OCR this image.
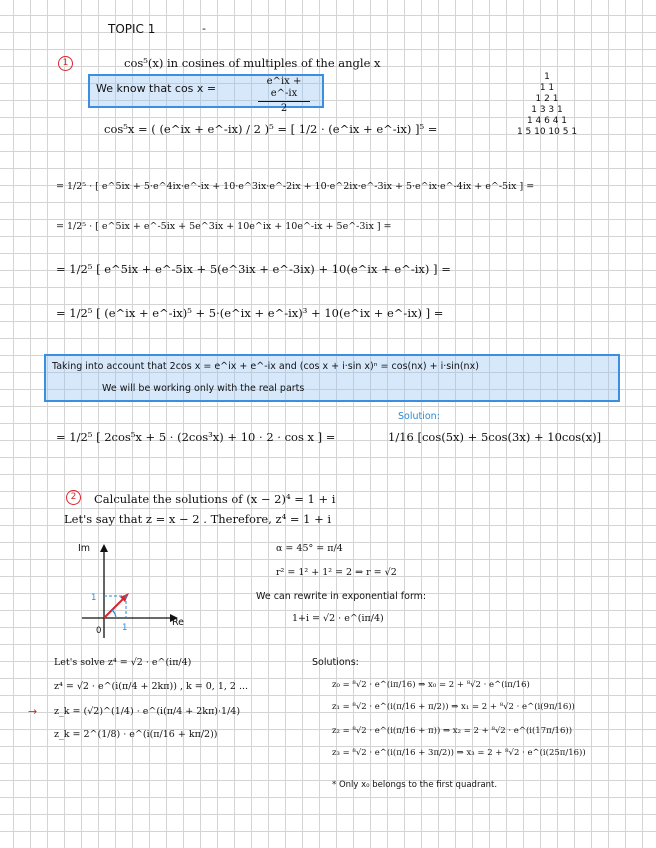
TOPIC 1	-
1	cos⁵(x) in cosines of multiples of the angle x
We know that cos x =
e^ix + e^-ix
2
1
1 1
1 2 1
1 3 3 1
1 4 6 4 1
1 5 10 10 5 1
cos⁵x = ( (e^ix + e^-ix) / 2 )⁵ = [ 1/2 · (e^ix + e^-ix) ]⁵ =
= 1/2⁵ · [ e^5ix + 5·e^4ix·e^-ix + 10·e^3ix·e^-2ix + 10·e^2ix·e^-3ix + 5·e^ix·e^-4ix + e^-5ix ] =
= 1/2⁵ · [ e^5ix + e^-5ix + 5e^3ix + 10e^ix + 10e^-ix + 5e^-3ix ] =
= 1/2⁵ [ e^5ix + e^-5ix + 5(e^3ix + e^-3ix) + 10(e^ix + e^-ix) ] =
= 1/2⁵ [ (e^ix + e^-ix)⁵ + 5·(e^ix + e^-ix)³ + 10(e^ix + e^-ix) ] =
Taking into account that 2cos x = e^ix + e^-ix and (cos x + i·sin x)ⁿ = cos(nx) + i·sin(nx)
We will be working only with the real parts
Solution:
= 1/2⁵ [ 2cos⁵x + 5 · (2cos³x) + 10 · 2 · cos x ] =	1/16 [cos(5x) + 5cos(3x) + 10cos(x)]
2	Calculate the solutions of (x − 2)⁴ = 1 + i
Let's say that z = x − 2 . Therefore, z⁴ = 1 + i
Im
Re
1
1
0
α = 45° = π/4
r² = 1² + 1² = 2 ⇒ r = √2
We can rewrite in exponential form:
1+i = √2 · e^(iπ/4)
Let's solve z⁴ = √2 · e^(iπ/4)
z⁴ = √2 · e^(i(π/4 + 2kπ)) , k = 0, 1, 2 ...
→ z_k = (√2)^(1/4) · e^(i(π/4 + 2kπ)·1/4)
z_k = 2^(1/8) · e^(i(π/16 + kπ/2))
Solutions:
z₀ = ⁸√2 · e^(iπ/16) ⇒ x₀ = 2 + ⁸√2 · e^(iπ/16)
z₁ = ⁸√2 · e^(i(π/16 + π/2)) ⇒ x₁ = 2 + ⁸√2 · e^(i(9π/16))
z₂ = ⁸√2 · e^(i(π/16 + π)) ⇒ x₂ = 2 + ⁸√2 · e^(i(17π/16))
z₃ = ⁸√2 · e^(i(π/16 + 3π/2)) ⇒ x₃ = 2 + ⁸√2 · e^(i(25π/16))
* Only x₀ belongs to the first quadrant.
